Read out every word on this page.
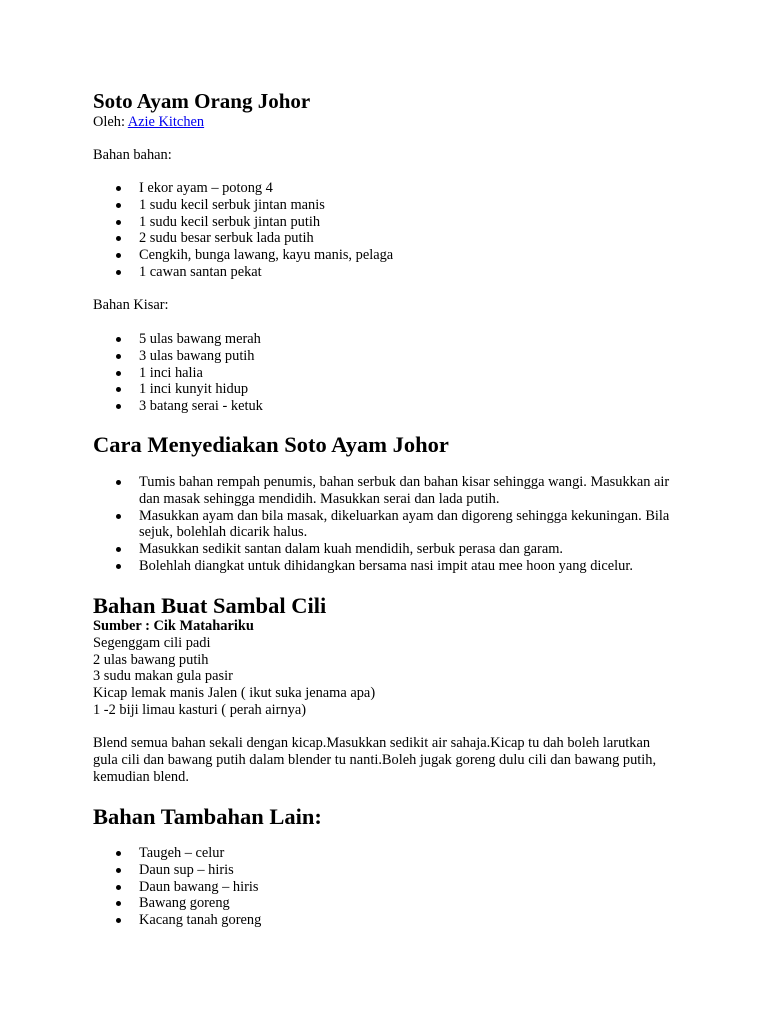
Soto Ayam Orang Johor

Oleh: Azie Kitchen

Bahan bahan:

I ekor ayam – potong 4
1 sudu kecil serbuk jintan manis
1 sudu kecil serbuk jintan putih
2 sudu besar serbuk lada putih
Cengkih, bunga lawang, kayu manis, pelaga
1 cawan santan pekat

Bahan Kisar:

5 ulas bawang merah
3 ulas bawang putih
1 inci halia
1 inci kunyit hidup
3 batang serai - ketuk
Cara Menyediakan Soto Ayam Johor
Tumis bahan rempah penumis, bahan serbuk dan bahan kisar sehingga wangi. Masukkan air dan masak sehingga mendidih. Masukkan serai dan lada putih.
Masukkan ayam dan bila masak, dikeluarkan ayam dan digoreng sehingga kekuningan. Bila sejuk, bolehlah dicarik halus.
Masukkan sedikit santan dalam kuah mendidih, serbuk perasa dan garam.
Bolehlah diangkat untuk dihidangkan bersama nasi impit atau mee hoon yang dicelur.
Bahan Buat Sambal Cili

Sumber : Cik Matahariku

Segenggam cili padi

2 ulas bawang putih

3 sudu makan gula pasir

Kicap lemak manis Jalen ( ikut suka jenama apa)

1 -2 biji limau kasturi ( perah airnya)

Blend semua bahan sekali dengan kicap.Masukkan sedikit air sahaja.Kicap tu dah boleh larutkan gula cili dan bawang putih dalam blender tu nanti.Boleh jugak goreng dulu cili dan bawang putih, kemudian blend.

Bahan Tambahan Lain:
Taugeh – celur
Daun sup – hiris
Daun bawang – hiris
Bawang goreng
Kacang tanah goreng
